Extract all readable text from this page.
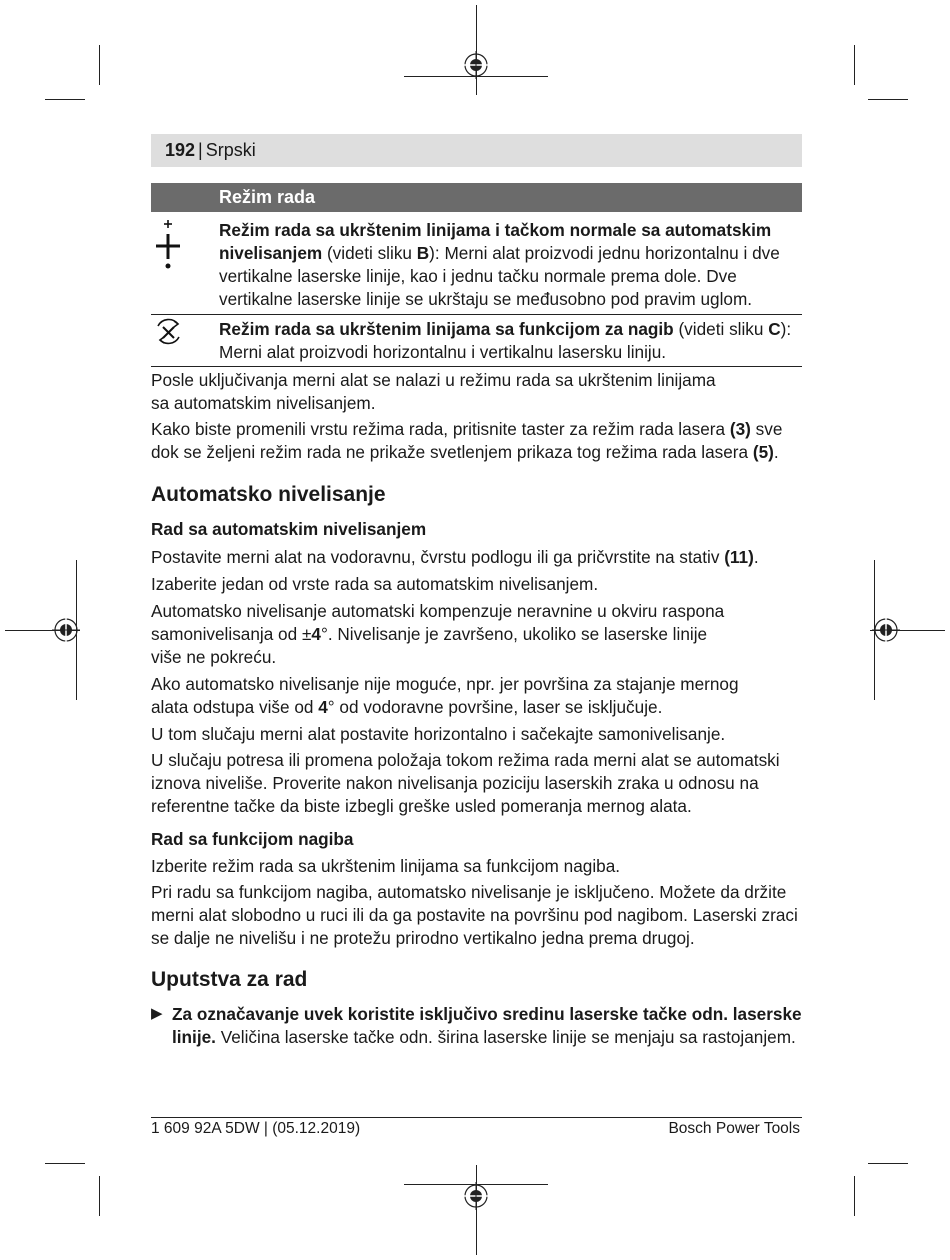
192 | Srpski
Režim rada
Režim rada sa ukrštenim linijama i tačkom normale sa automatskim nivelisanjem (videti sliku B): Merni alat proizvodi jednu horizontalnu i dve vertikalne laserske linije, kao i jednu tačku normale prema dole. Dve vertikalne laserske linije se ukrštaju se međusobno pod pravim uglom.
Režim rada sa ukrštenim linijama sa funkcijom za nagib (videti sliku C):
Merni alat proizvodi horizontalnu i vertikalnu lasersku liniju.
Posle uključivanja merni alat se nalazi u režimu rada sa ukrštenim linijama sa automatskim nivelisanjem.
Kako biste promenili vrstu režima rada, pritisnite taster za režim rada lasera (3) sve dok se željeni režim rada ne prikaže svetlenjem prikaza tog režima rada lasera (5).
Automatsko nivelisanje
Rad sa automatskim nivelisanjem
Postavite merni alat na vodoravnu, čvrstu podlogu ili ga pričvrstite na stativ (11).
Izaberite jedan od vrste rada sa automatskim nivelisanjem.
Automatsko nivelisanje automatski kompenzuje neravnine u okviru raspona samonivelisanja od ±4°. Nivelisanje je završeno, ukoliko se laserske linije više ne pokreću.
Ako automatsko nivelisanje nije moguće, npr. jer površina za stajanje mernog alata odstupa više od 4° od vodoravne površine, laser se isključuje.
U tom slučaju merni alat postavite horizontalno i sačekajte samonivelisanje.
U slučaju potresa ili promena položaja tokom režima rada merni alat se automatski iznova niveliše. Proverite nakon nivelisanja poziciju laserskih zraka u odnosu na referentne tačke da biste izbegli greške usled pomeranja mernog alata.
Rad sa funkcijom nagiba
Izberite režim rada sa ukrštenim linijama sa funkcijom nagiba.
Pri radu sa funkcijom nagiba, automatsko nivelisanje je isključeno. Možete da držite merni alat slobodno u ruci ili da ga postavite na površinu pod nagibom. Laserski zraci se dalje ne nivelišu i ne protežu prirodno vertikalno jedna prema drugoj.
Uputstva za rad
▶ Za označavanje uvek koristite isključivo sredinu laserske tačke odn. laserske linije. Veličina laserske tačke odn. širina laserske linije se menjaju sa rastojanjem.
1 609 92A 5DW | (05.12.2019)	Bosch Power Tools
